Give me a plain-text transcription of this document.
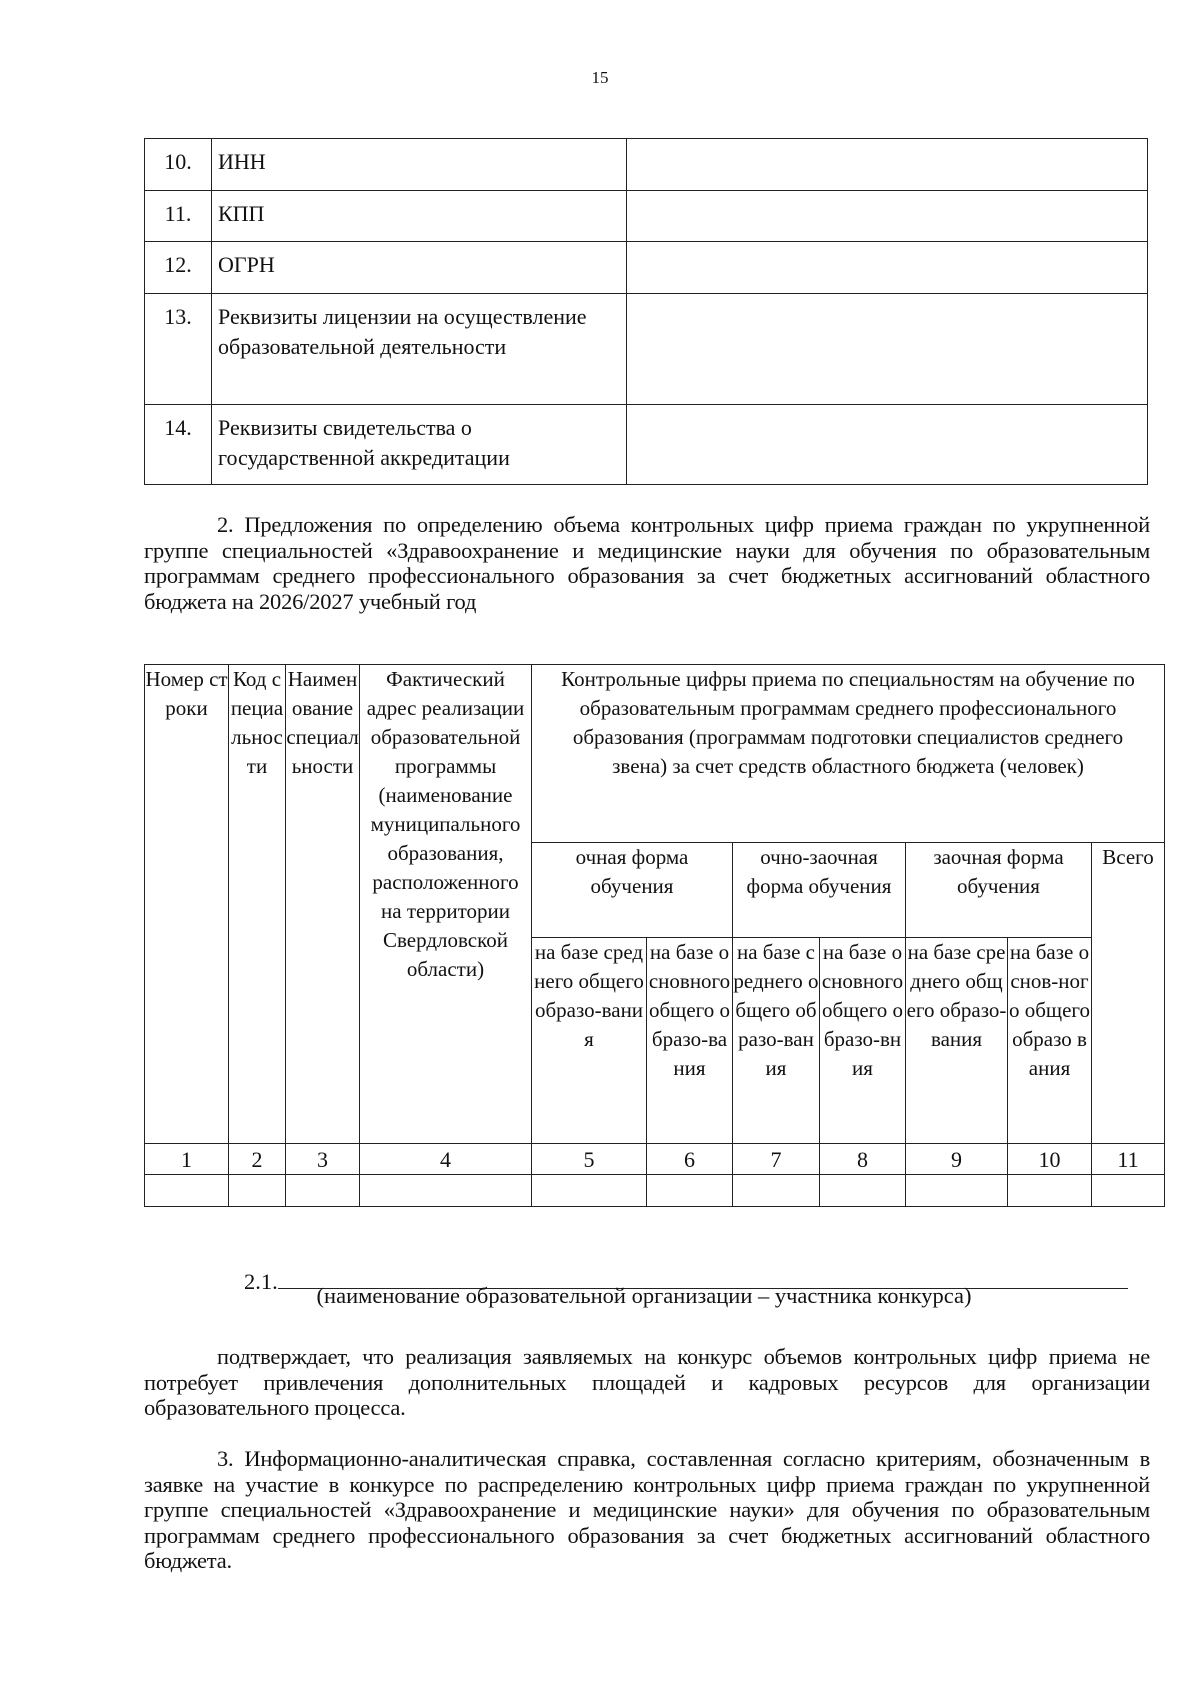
15
10.	ИНН	
11.	КПП	
12.	ОГРН	
13.	Реквизиты лицензии на осуществление образовательной деятельности	
14.	Реквизиты свидетельства о государственной аккредитации	
2. Предложения по определению объема контрольных цифр приема граждан по укрупненной группе специальностей «Здравоохранение и медицинские науки для обучения по образовательным программам среднего профессионального образования за счет бюджетных ассигнований областного бюджета на 2026/2027 учебный год
Номер строки	Код специальности	Наименование специальности	Фактический адрес реализации образовательной программы (наименование муниципального образования, расположенного на территории Свердловской области)	Контрольные цифры приема по специальностям на обучение по образовательным программам среднего профессионального образования (программам подготовки специалистов среднего звена) за счет средств областного бюджета (человек)						
				очная форма обучения		очно-заочная форма обучения		заочная форма обучения		Всего
				на базе среднего общего образо-вания	на базе основного общего образо-вания	на базе среднего общего образо-вания	на базе основного общего образо-вния	на базе среднего общего образо-вания	на базе основ-ного общего образо вания	
1	2	3	4	5	6	7	8	9	10	11

2.1.
(наименование образовательной организации – участника конкурса)
подтверждает, что реализация заявляемых на конкурс объемов контрольных цифр приема не потребует привлечения дополнительных площадей и кадровых ресурсов для организации образовательного процесса.
3. Информационно-аналитическая справка, составленная согласно критериям, обозначенным в заявке на участие в конкурсе по распределению контрольных цифр приема граждан по укрупненной группе специальностей «Здравоохранение и медицинские науки» для обучения по образовательным программам среднего профессионального образования за счет бюджетных ассигнований областного бюджета.
